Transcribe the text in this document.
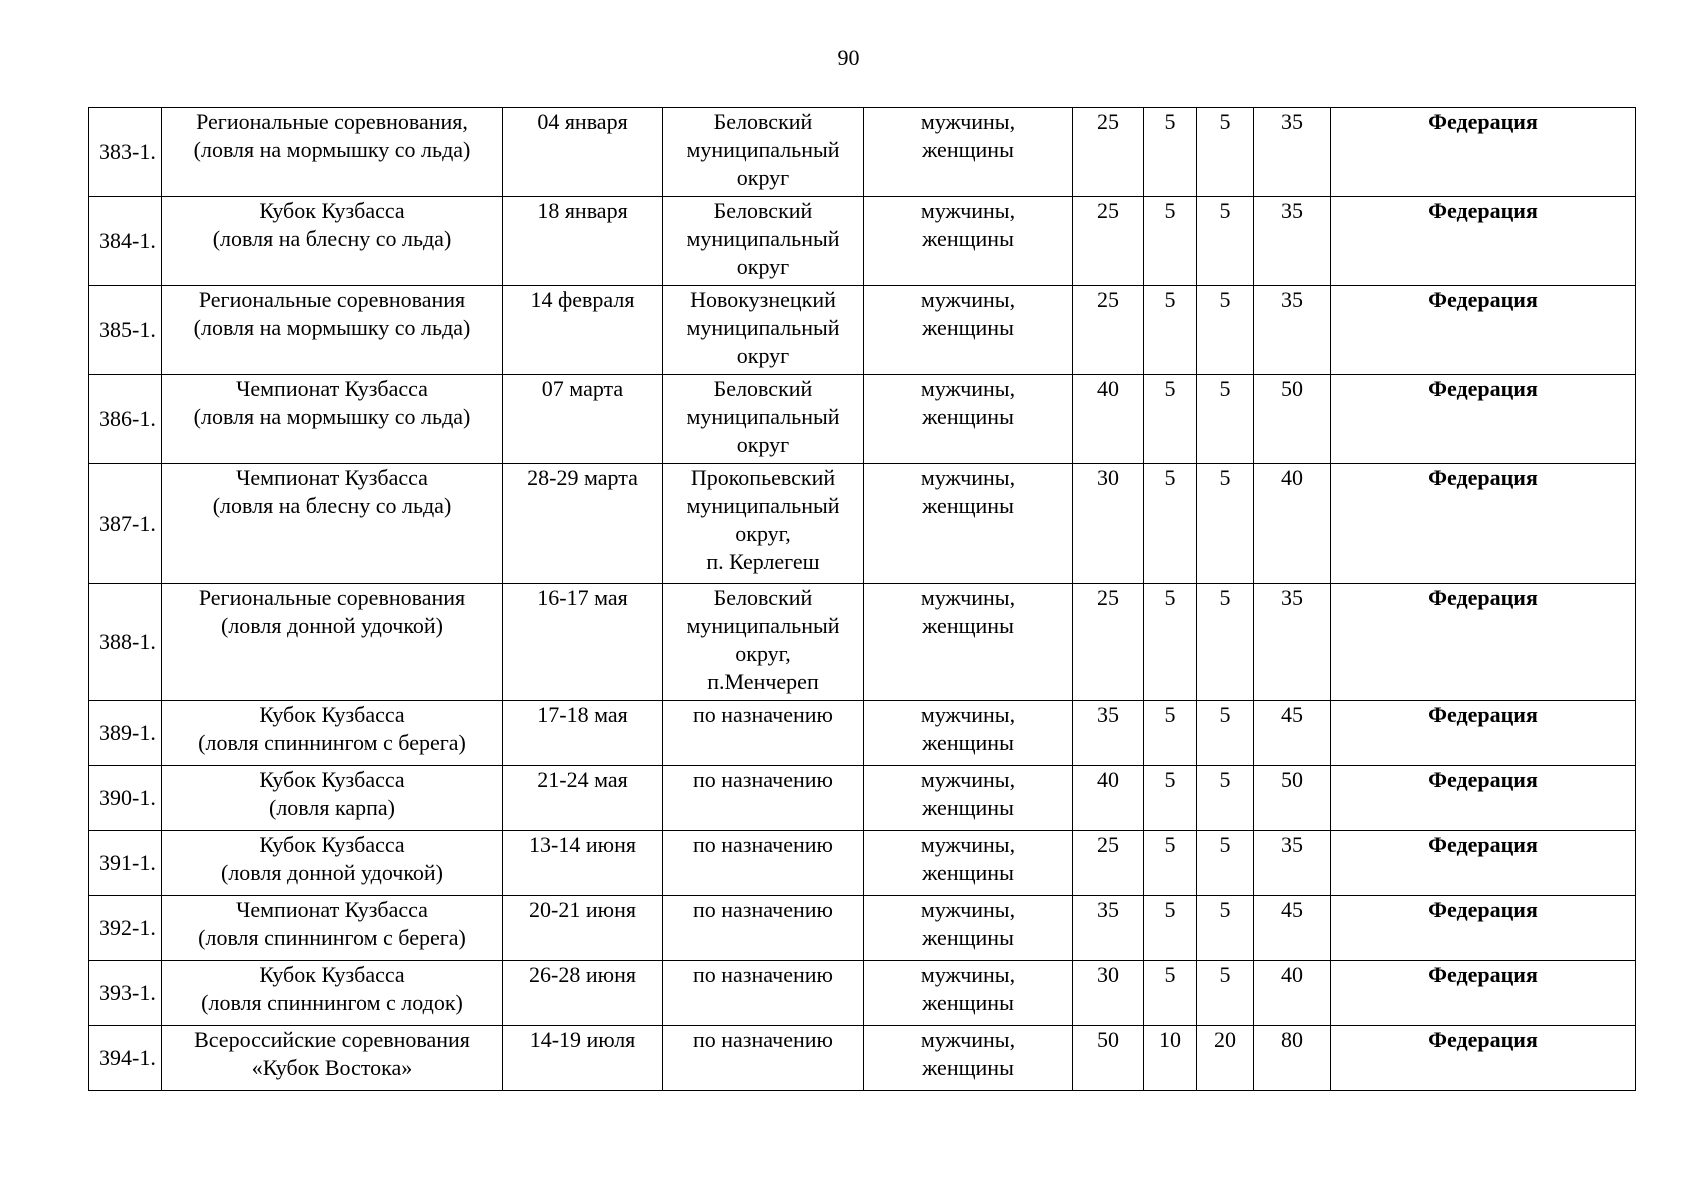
90
383-1.	Региональные соревнования,
(ловля на мормышку со льда)	04 января	Беловский
муниципальный
округ	мужчины,
женщины	25	5	5	35	Федерация
384-1.	Кубок Кузбасса
(ловля на блесну со льда)	18 января	Беловский
муниципальный
округ	мужчины,
женщины	25	5	5	35	Федерация
385-1.	Региональные соревнования
(ловля на мормышку со льда)	14 февраля	Новокузнецкий
муниципальный
округ	мужчины,
женщины	25	5	5	35	Федерация
386-1.	Чемпионат Кузбасса
(ловля на мормышку со льда)	07 марта	Беловский
муниципальный
округ	мужчины,
женщины	40	5	5	50	Федерация
387-1.	Чемпионат Кузбасса
(ловля на блесну со льда)	28-29 марта	Прокопьевский
муниципальный
округ,
п. Керлегеш	мужчины,
женщины	30	5	5	40	Федерация
388-1.	Региональные соревнования
(ловля донной удочкой)	16-17 мая	Беловский
муниципальный
округ,
п.Менчереп	мужчины,
женщины	25	5	5	35	Федерация
389-1.	Кубок Кузбасса
(ловля спиннингом с берега)	17-18 мая	по назначению	мужчины,
женщины	35	5	5	45	Федерация
390-1.	Кубок Кузбасса
(ловля карпа)	21-24 мая	по назначению	мужчины,
женщины	40	5	5	50	Федерация
391-1.	Кубок Кузбасса
(ловля донной удочкой)	13-14 июня	по назначению	мужчины,
женщины	25	5	5	35	Федерация
392-1.	Чемпионат Кузбасса
(ловля спиннингом с берега)	20-21 июня	по назначению	мужчины,
женщины	35	5	5	45	Федерация
393-1.	Кубок Кузбасса
(ловля спиннингом с лодок)	26-28 июня	по назначению	мужчины,
женщины	30	5	5	40	Федерация
394-1.	Всероссийские соревнования
«Кубок Востока»	14-19 июля	по назначению	мужчины,
женщины	50	10	20	80	Федерация
